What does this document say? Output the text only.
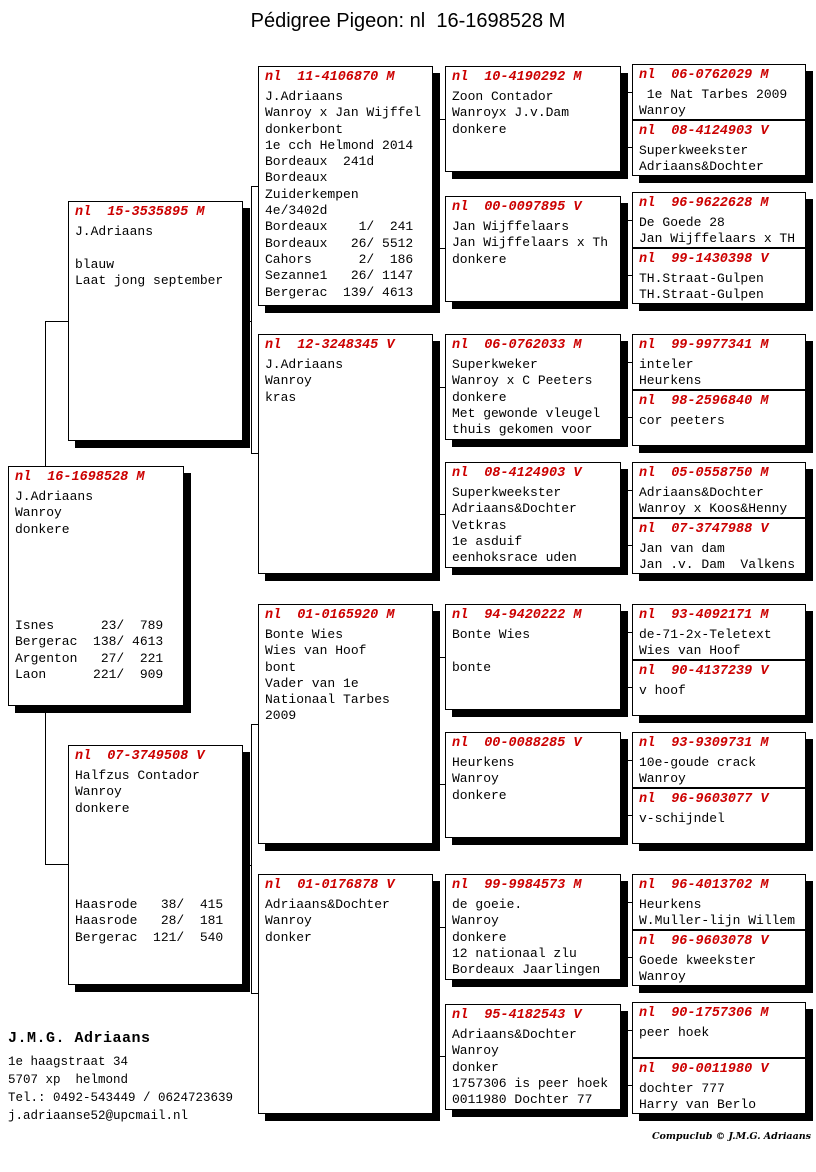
Pédigree Pigeon: nl  16-1698528 M
nl 16-1698528 M
J.Adriaans
Wanroy
donkere
Isnes      23/  789
Bergerac  138/ 4613
Argenton   27/  221
Laon      221/  909
nl 15-3535895 M
J.Adriaans

blauw
Laat jong september
nl 07-3749508 V
Halfzus Contador
Wanroy
donkere
Haasrode   38/  415
Haasrode   28/  181
Bergerac  121/  540
nl 11-4106870 M
J.Adriaans
Wanroy x Jan Wijffel
donkerbont
1e cch Helmond 2014
Bordeaux  241d
Bordeaux
Zuiderkempen
4e/3402d
Bordeaux    1/  241
Bordeaux   26/ 5512
Cahors      2/  186
Sezanne1   26/ 1147
Bergerac  139/ 4613
nl 12-3248345 V
J.Adriaans
Wanroy
kras
nl 01-0165920 M
Bonte Wies
Wies van Hoof
bont
Vader van 1e
Nationaal Tarbes
2009
nl 01-0176878 V
Adriaans&Dochter
Wanroy
donker
nl 10-4190292 M
Zoon Contador
Wanroyx J.v.Dam
donkere
nl 00-0097895 V
Jan Wijffelaars
Jan Wijffelaars x Th
donkere
nl 06-0762033 M
Superkweker
Wanroy x C Peeters
donkere
Met gewonde vleugel
thuis gekomen voor
nl 08-4124903 V
Superkweekster
Adriaans&Dochter
Vetkras
1e asduif
eenhoksrace uden
nl 94-9420222 M
Bonte Wies

bonte
nl 00-0088285 V
Heurkens
Wanroy
donkere
nl 99-9984573 M
de goeie.
Wanroy
donkere
12 nationaal zlu
Bordeaux Jaarlingen
nl 95-4182543 V
Adriaans&Dochter
Wanroy
donker
1757306 is peer hoek
0011980 Dochter 77
nl 06-0762029 M
1e Nat Tarbes 2009
Wanroy
nl 08-4124903 V
Superkweekster
Adriaans&Dochter
nl 96-9622628 M
De Goede 28
Jan Wijffelaars x TH
nl 99-1430398 V
TH.Straat-Gulpen
TH.Straat-Gulpen
nl 99-9977341 M
inteler
Heurkens
nl 98-2596840 M
cor peeters
nl 05-0558750 M
Adriaans&Dochter
Wanroy x Koos&Henny
nl 07-3747988 V
Jan van dam
Jan .v. Dam  Valkens
nl 93-4092171 M
de-71-2x-Teletext
Wies van Hoof
nl 90-4137239 V
v hoof
nl 93-9309731 M
10e-goude crack
Wanroy
nl 96-9603077 V
v-schijndel
nl 96-4013702 M
Heurkens
W.Muller-lijn Willem
nl 96-9603078 V
Goede kweekster
Wanroy
nl 90-1757306 M
peer hoek
nl 90-0011980 V
dochter 777
Harry van Berlo
J.M.G. Adriaans
1e haagstraat 34
5707 xp  helmond
Tel.: 0492-543449 / 0624723639
j.adriaanse52@upcmail.nl
Compuclub © J.M.G. Adriaans
